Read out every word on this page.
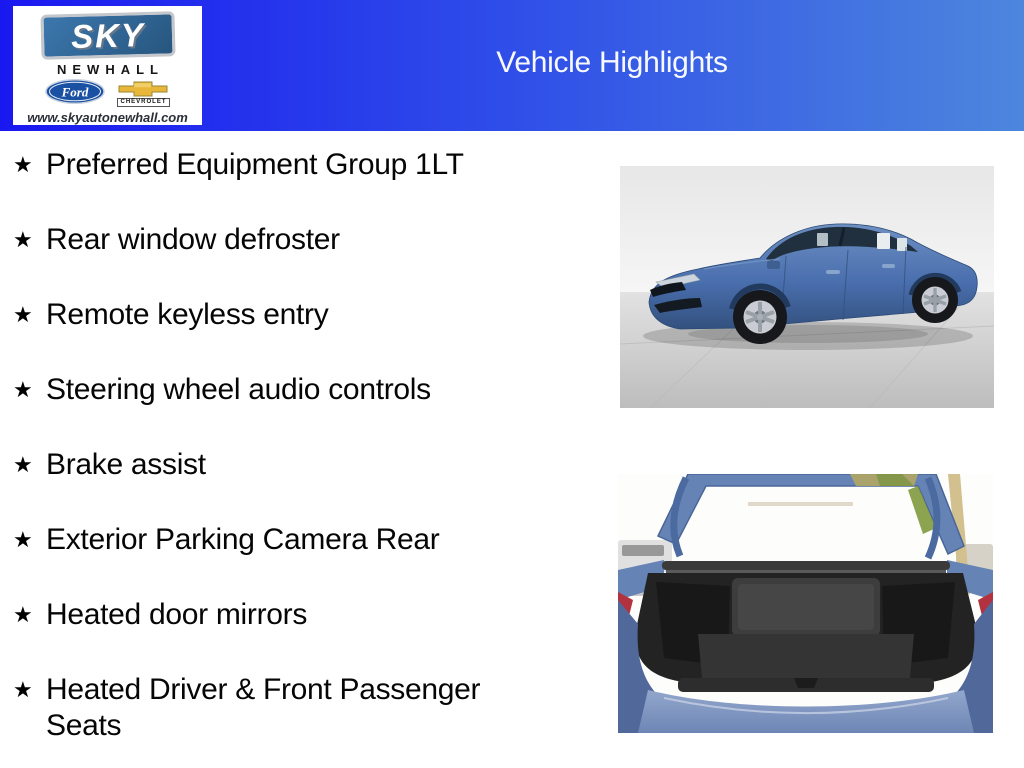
Vehicle Highlights
SKY
NEWHALL
Ford
CHEVROLET
www.skyautonewhall.com
★ Preferred Equipment Group 1LT
★ Rear window defroster
★ Remote keyless entry
★ Steering wheel audio controls
★ Brake assist
★ Exterior Parking Camera Rear
★ Heated door mirrors
★ Heated Driver & Front Passenger Seats
